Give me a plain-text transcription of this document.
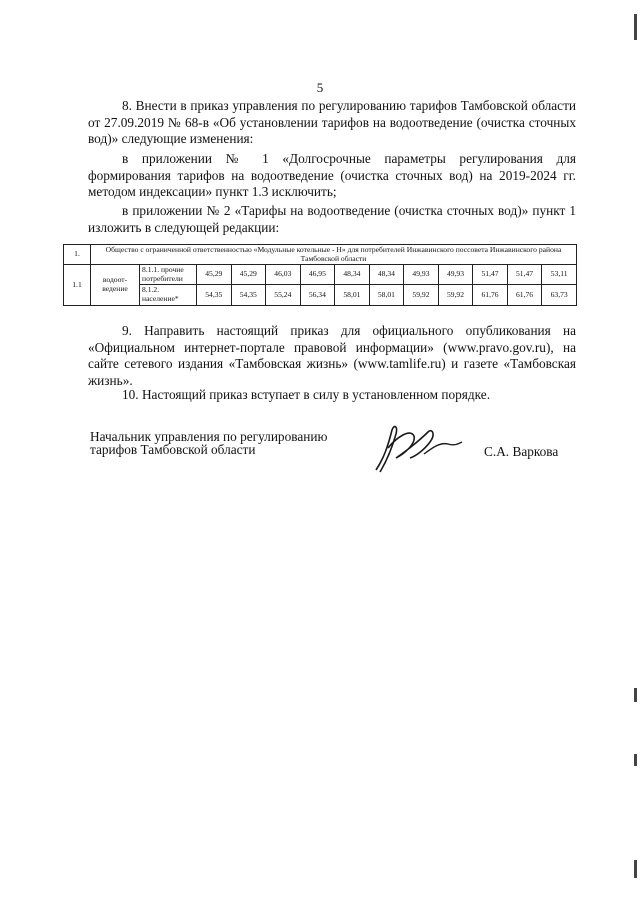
5

8. Внести в приказ управления по регулированию тарифов Тамбовской области от 27.09.2019 № 68-в «Об установлении тарифов на водоотведение (очистка сточных вод)» следующие изменения:

в приложении № 1 «Долгосрочные параметры регулирования для формирования тарифов на водоотведение (очистка сточных вод) на 2019-2024 гг. методом индексации» пункт 1.3 исключить;

в приложении № 2 «Тарифы на водоотведение (очистка сточных вод)» пункт 1 изложить в следующей редакции:

1.	Общество с ограниченной ответственностью «Модульные котельные - Н» для потребителей Инжавинского поссовета Инжавинского района Тамбовской области												
1.1	водоот-ведение	8.1.1. прочие потребители	45,29	45,29	46,03	46,95	48,34	48,34	49,93	49,93	51,47	51,47	53,11
		8.1.2. население*	54,35	54,35	55,24	56,34	58,01	58,01	59,92	59,92	61,76	61,76	63,73

9. Направить настоящий приказ для официального опубликования на «Официальном интернет-портале правовой информации» (www.pravo.gov.ru), на сайте сетевого издания «Тамбовская жизнь» (www.tamlife.ru) и газете «Тамбовская жизнь».

10. Настоящий приказ вступает в силу в установленном порядке.

Начальник управления по регулированию
тарифов Тамбовской области	С.А. Варкова
